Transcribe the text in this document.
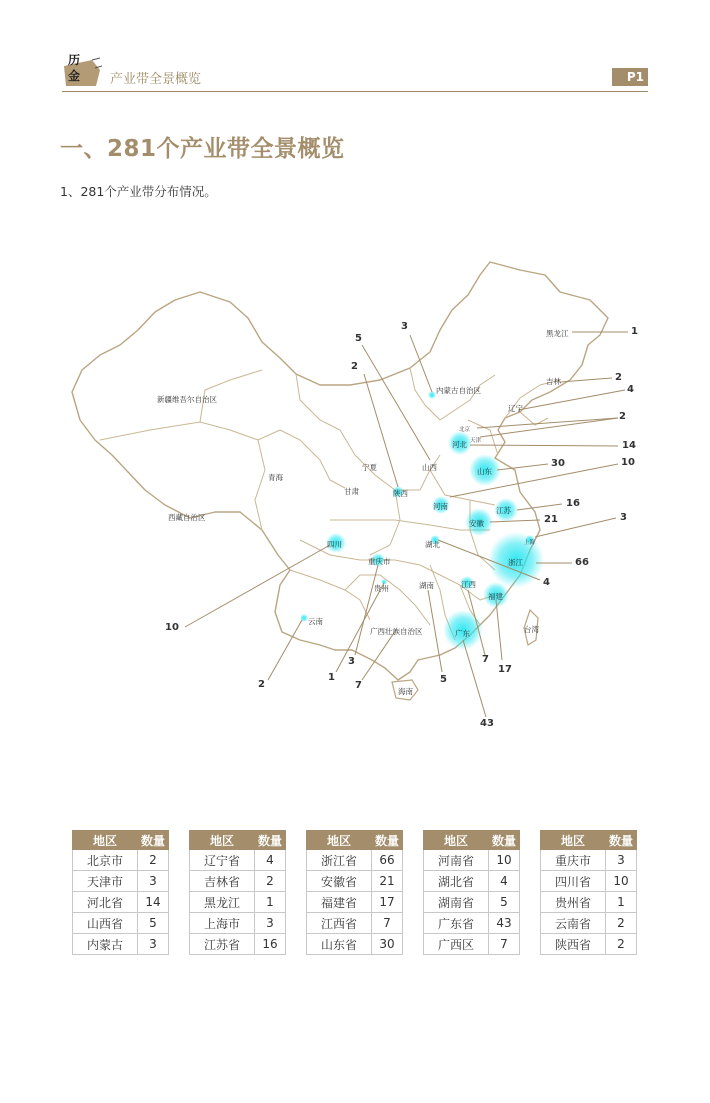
历
金 产业带全景概览	P1
一、281个产业带全景概览
1、281个产业带分布情况。
新疆维吾尔自治区
西藏自治区
青海
甘肃
内蒙古自治区
宁夏
陕西
山西
河北
北京
天津
辽宁
吉林
黑龙江
山东
河南	江苏
安徽
上海
湖北
四川
重庆市	浙江
贵州	湖南	江西
福建
云南
广西壮族自治区	广东	台湾
海南
1
2
4
2
14
30	10
16
21	3
66
4
17
7
43
5
7
1
3
2
10
2
5
3
地区	数量
北京市	2
天津市	3
河北省	14
山西省	5
内蒙古	3
地区	数量
辽宁省	4
吉林省	2
黑龙江	1
上海市	3
江苏省	16
地区	数量
浙江省	66
安徽省	21
福建省	17
江西省	7
山东省	30
地区	数量
河南省	10
湖北省	4
湖南省	5
广东省	43
广西区	7
地区	数量
重庆市	3
四川省	10
贵州省	1
云南省	2
陕西省	2
